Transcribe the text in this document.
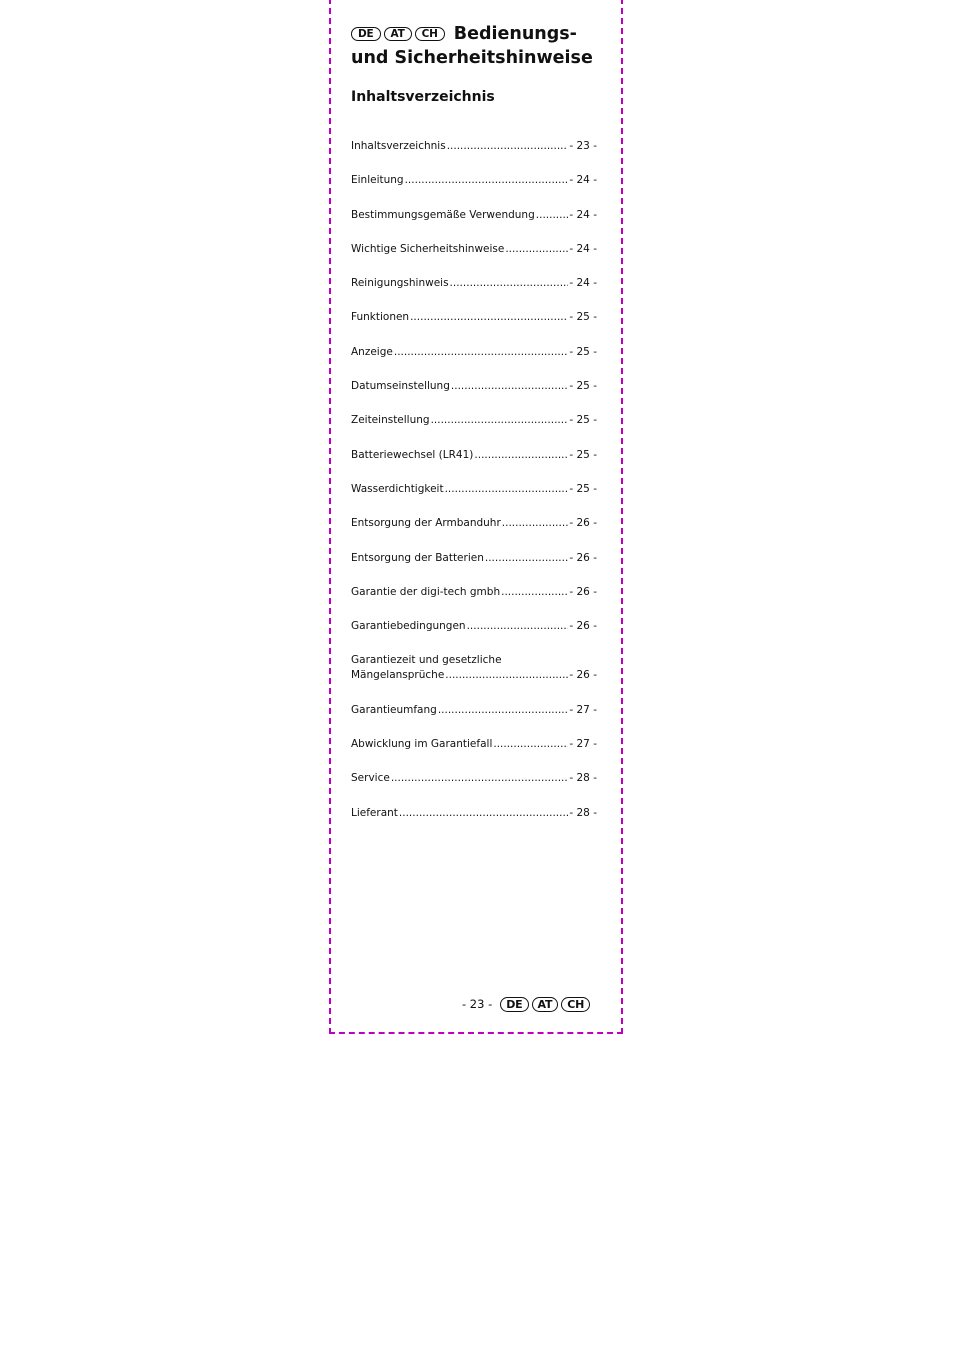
DE AT CH Bedienungs-
und Sicherheitshinweise
Inhaltsverzeichnis
Inhaltsverzeichnis .....	- 23 -
Einleitung .....	- 24 -
Bestimmungsgemäße Verwendung .....	- 24 -
Wichtige Sicherheitshinweise .....	- 24 -
Reinigungshinweis .....	- 24 -
Funktionen .....	- 25 -
Anzeige .....	- 25 -
Datumseinstellung .....	- 25 -
Zeiteinstellung .....	- 25 -
Batteriewechsel (LR41) .....	- 25 -
Wasserdichtigkeit .....	- 25 -
Entsorgung der Armbanduhr .....	- 26 -
Entsorgung der Batterien .....	- 26 -
Garantie der digi-tech gmbh .....	- 26 -
Garantiebedingungen .....	- 26 -
Garantiezeit und gesetzliche
Mängelansprüche .....	- 26 -
Garantieumfang .....	- 27 -
Abwicklung im Garantiefall .....	- 27 -
Service .....	- 28 -
Lieferant .....	- 28 -
- 23 -	DE	AT	CH
